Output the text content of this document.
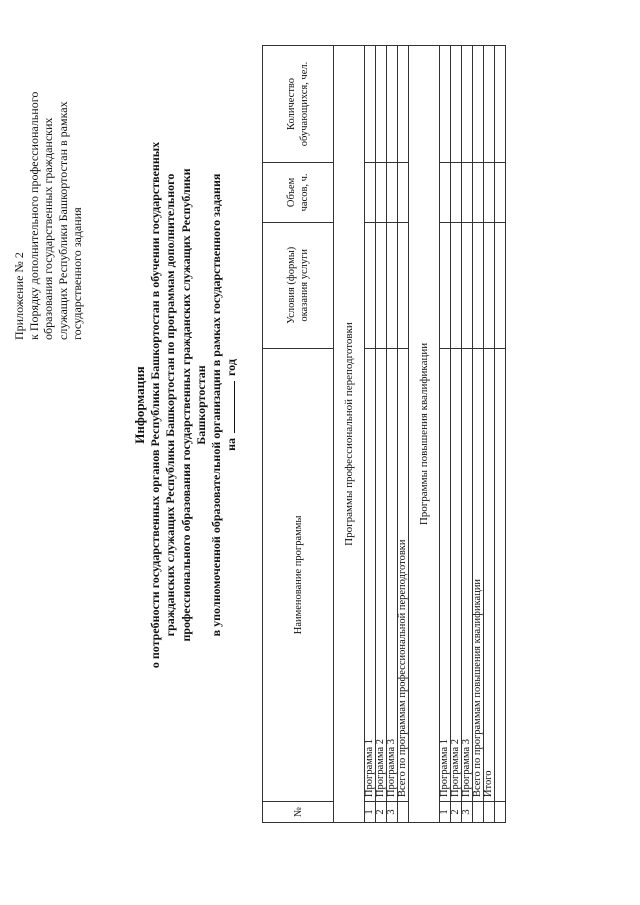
Приложение № 2 к Порядку дополнительного профессионального образования государственных гражданских служащих Республики Башкортостан в рамках государственного задания
Информация о потребности государственных органов Республики Башкортостан в обучении государственных гражданских служащих Республики Башкортостан по программам дополнительного профессионального образования государственных гражданских служащих Республики Башкортостан в уполномоченной образовательной организации в рамках государственного задания на  год
№	Наименование программы	Условия (формы) оказания услуги	Объем часов, ч.	Количество обучающихся, чел.
Программы профессиональной переподготовки				
1	Программа 1			
2	Программа 2			
3	Программа 3			
	Всего по программам профессиональной переподготовки			
Программы повышения квалификации				
1	Программа 1			
2	Программа 2			
3	Программа 3			
	Всего по программам повышения квалификации			
	Итого			
